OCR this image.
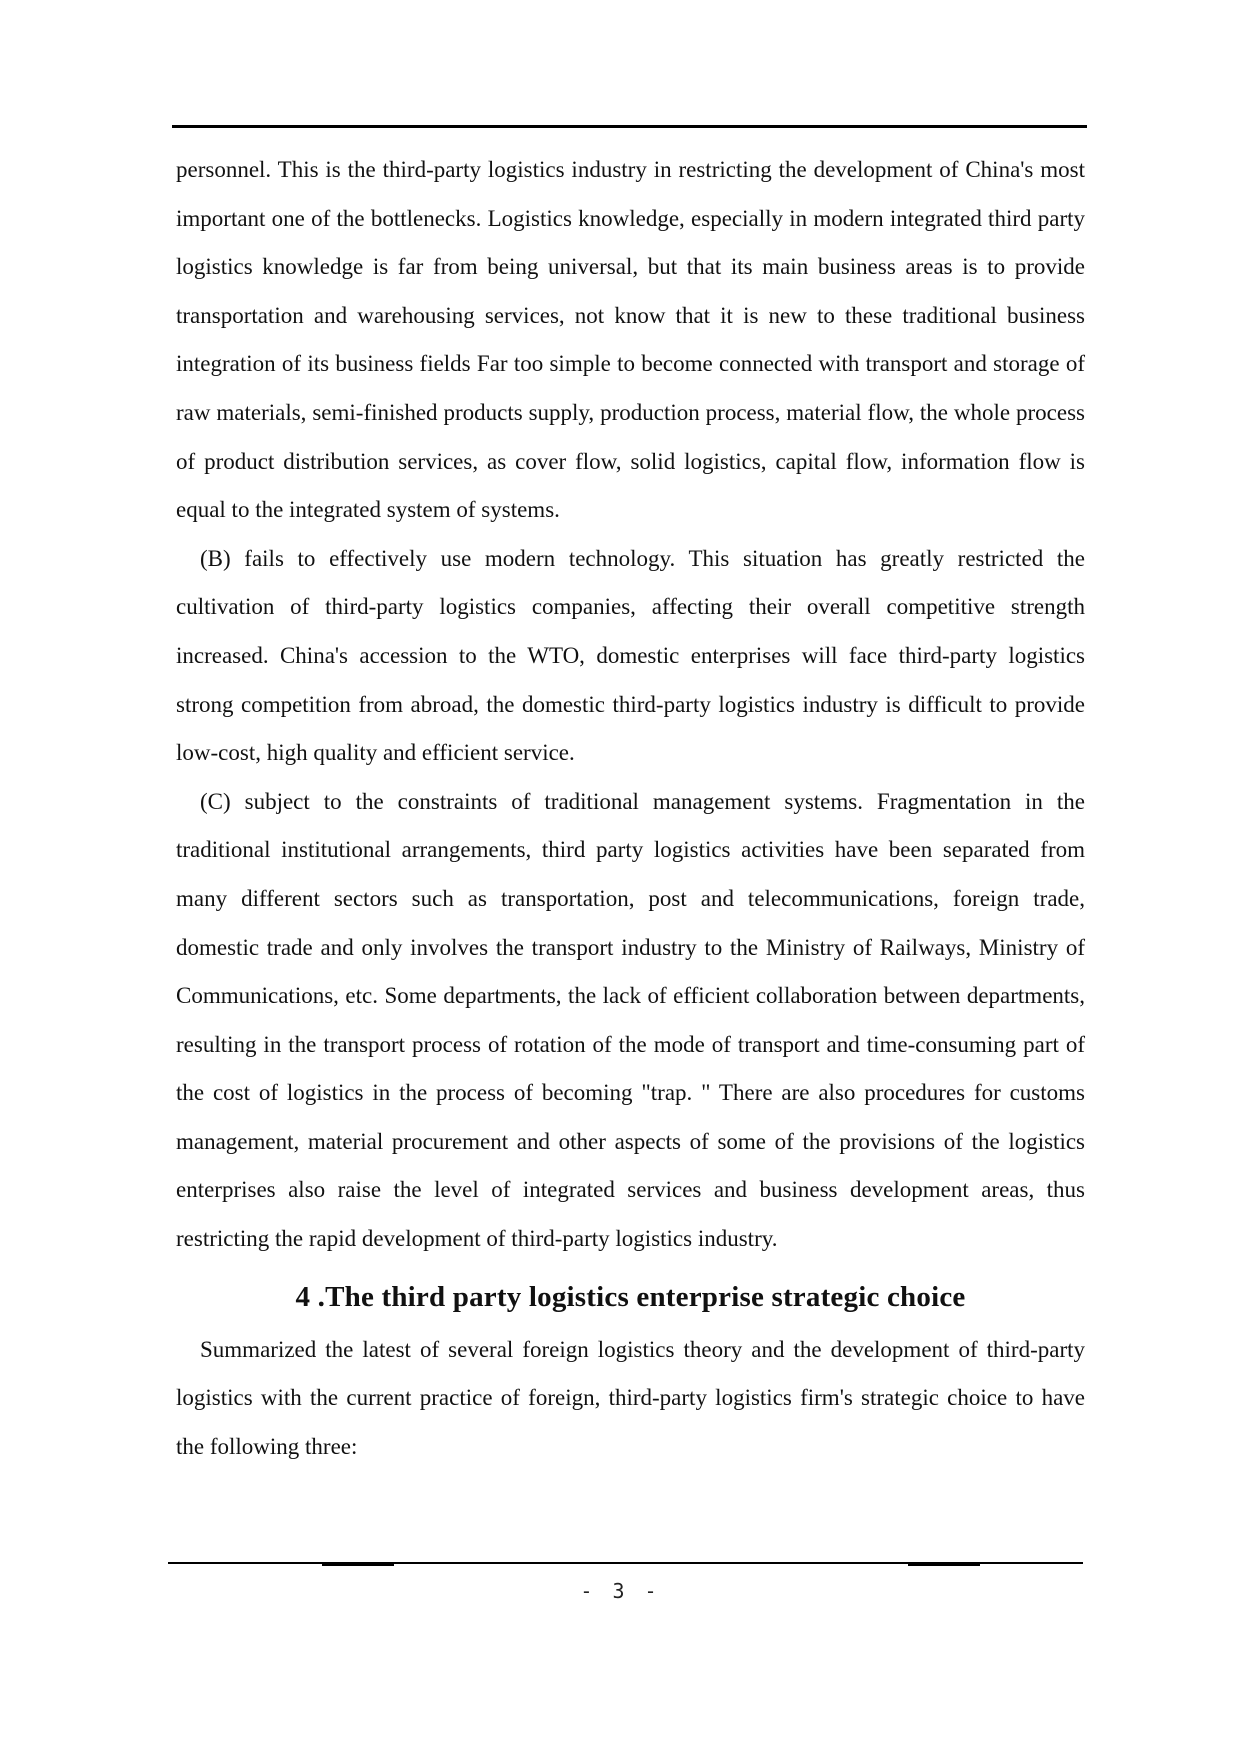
personnel. This is the third-party logistics industry in restricting the development of China's most important one of the bottlenecks. Logistics knowledge, especially in modern integrated third party logistics knowledge is far from being universal, but that its main business areas is to provide transportation and warehousing services, not know that it is new to these traditional business integration of its business fields Far too simple to become connected with transport and storage of raw materials, semi-finished products supply, production process, material flow, the whole process of product distribution services, as cover flow, solid logistics, capital flow, information flow is equal to the integrated system of systems.

(B) fails to effectively use modern technology. This situation has greatly restricted the cultivation of third-party logistics companies, affecting their overall competitive strength increased. China's accession to the WTO, domestic enterprises will face third-party logistics strong competition from abroad, the domestic third-party logistics industry is difficult to provide low-cost, high quality and efficient service.

(C) subject to the constraints of traditional management systems. Fragmentation in the traditional institutional arrangements, third party logistics activities have been separated from many different sectors such as transportation, post and telecommunications, foreign trade, domestic trade and only involves the transport industry to the Ministry of Railways, Ministry of Communications, etc. Some departments, the lack of efficient collaboration between departments, resulting in the transport process of rotation of the mode of transport and time-consuming part of the cost of logistics in the process of becoming "trap. " There are also procedures for customs management, material procurement and other aspects of some of the provisions of the logistics enterprises also raise the level of integrated services and business development areas, thus restricting the rapid development of third-party logistics industry.

4 .The third party logistics enterprise strategic choice

Summarized the latest of several foreign logistics theory and the development of third-party logistics with the current practice of foreign, third-party logistics firm's strategic choice to have the following three:

- 3 -
